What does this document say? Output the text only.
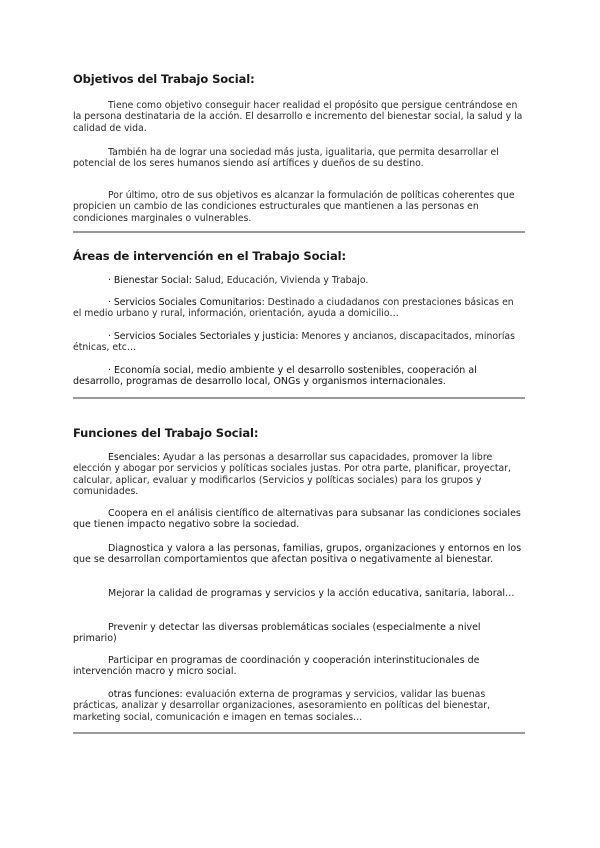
Objetivos del Trabajo Social:

Tiene como objetivo conseguir hacer realidad el propósito que persigue centrándose en la persona destinataria de la acción. El desarrollo e incremento del bienestar social, la salud y la calidad de vida.

También ha de lograr una sociedad más justa, igualitaria, que permita desarrollar el potencial de los seres humanos siendo así artífices y dueños de su destino.

Por último, otro de sus objetivos es alcanzar la formulación de políticas coherentes que propicien un cambio de las condiciones estructurales que mantienen a las personas en condiciones marginales o vulnerables.

Áreas de intervención en el Trabajo Social:

· Bienestar Social: Salud, Educación, Vivienda y Trabajo.

· Servicios Sociales Comunitarios: Destinado a ciudadanos con prestaciones básicas en el medio urbano y rural, información, orientación, ayuda a domicilio…

· Servicios Sociales Sectoriales y justicia: Menores y ancianos, discapacitados, minorías étnicas, etc…

· Economía social, medio ambiente y el desarrollo sostenibles, cooperación al desarrollo, programas de desarrollo local, ONGs y organismos internacionales.

Funciones del Trabajo Social:

Esenciales: Ayudar a las personas a desarrollar sus capacidades, promover la libre elección y abogar por servicios y políticas sociales justas. Por otra parte, planificar, proyectar, calcular, aplicar, evaluar y modificarlos (Servicios y políticas sociales) para los grupos y comunidades.

Coopera en el análisis científico de alternativas para subsanar las condiciones sociales que tienen impacto negativo sobre la sociedad.

Diagnostica y valora a las personas, familias, grupos, organizaciones y entornos en los que se desarrollan comportamientos que afectan positiva o negativamente al bienestar.

Mejorar la calidad de programas y servicios y la acción educativa, sanitaria, laboral…

Prevenir y detectar las diversas problemáticas sociales (especialmente a nivel primario)

Participar en programas de coordinación y cooperación interinstitucionales de intervención macro y micro social.

otras funciones: evaluación externa de programas y servicios, validar las buenas prácticas, analizar y desarrollar organizaciones, asesoramiento en políticas del bienestar, marketing social, comunicación e imagen en temas sociales…
